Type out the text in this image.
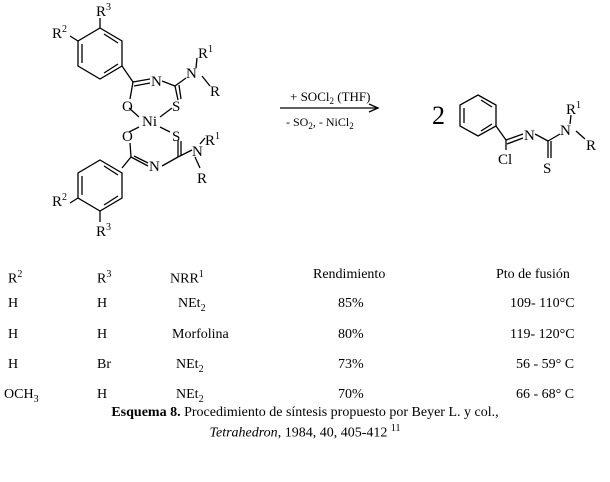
$R^3$
$R^2$
N N
$R^1$
R
O	S
Ni
O	S
N
N
$R^1$
R
$R^2$
$R^3$
+ SOCl$_2$ (THF)
- $SO_2$, - NiCl$_2$	2
N N
$R^1$
R
Cl
S
$R^2$	$R^3$	NRR$^1$	Rendimiento	Pto de fusión
H	H	NEt$_2$	85%	109- 110°C
H	H	Morfolina	80%	119- 120°C
H	Br	NEt$_2$	73%	56 - 59° C
$OCH_3$	H	NEt$_2$	70%	66 - 68° C
Esquema 8. Procedimiento de síntesis propuesto por Beyer L. y col.,
Tetrahedron, 1984, 40, 405-412 $^{11}$
